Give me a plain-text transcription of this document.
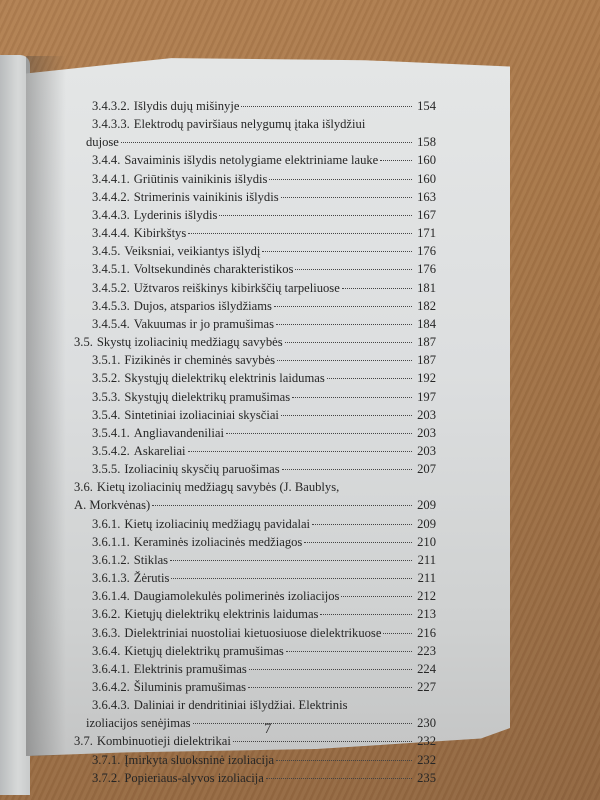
3.4.3.2. Išlydis dujų mišinyje	154
3.4.3.3. Elektrodų paviršiaus nelygumų įtaka išlydžiui
dujose	158
3.4.4. Savaiminis išlydis netolygiame elektriniame lauke	160
3.4.4.1. Griūtinis vainikinis išlydis	160
3.4.4.2. Strimerinis vainikinis išlydis	163
3.4.4.3. Lyderinis išlydis	167
3.4.4.4. Kibirkštys	171
3.4.5. Veiksniai, veikiantys išlydį	176
3.4.5.1. Voltsekundinės charakteristikos	176
3.4.5.2. Užtvaros reiškinys kibirkščių tarpeliuose	181
3.4.5.3. Dujos, atsparios išlydžiams	182
3.4.5.4. Vakuumas ir jo pramušimas	184
3.5. Skystų izoliacinių medžiagų savybės	187
3.5.1. Fizikinės ir cheminės savybės	187
3.5.2. Skystųjų dielektrikų elektrinis laidumas	192
3.5.3. Skystųjų dielektrikų pramušimas	197
3.5.4. Sintetiniai izoliaciniai skysčiai	203
3.5.4.1. Angliavandeniliai	203
3.5.4.2. Askareliai	203
3.5.5. Izoliacinių skysčių paruošimas	207
3.6. Kietų izoliacinių medžiagų savybės (J. Baublys,
A. Morkvėnas)	209
3.6.1. Kietų izoliacinių medžiagų pavidalai	209
3.6.1.1. Keraminės izoliacinės medžiagos	210
3.6.1.2. Stiklas	211
3.6.1.3. Žėrutis	211
3.6.1.4. Daugiamolekulės polimerinės izoliacijos	212
3.6.2. Kietųjų dielektrikų elektrinis laidumas	213
3.6.3. Dielektriniai nuostoliai kietuosiuose dielektrikuose	216
3.6.4. Kietųjų dielektrikų pramušimas	223
3.6.4.1. Elektrinis pramušimas	224
3.6.4.2. Šiluminis pramušimas	227
3.6.4.3. Daliniai ir dendritiniai išlydžiai. Elektrinis
izoliacijos senėjimas	230
3.7. Kombinuotieji dielektrikai	232
3.7.1. Įmirkyta sluoksninė izoliacija	232
3.7.2. Popieriaus-alyvos izoliacija	235
7
